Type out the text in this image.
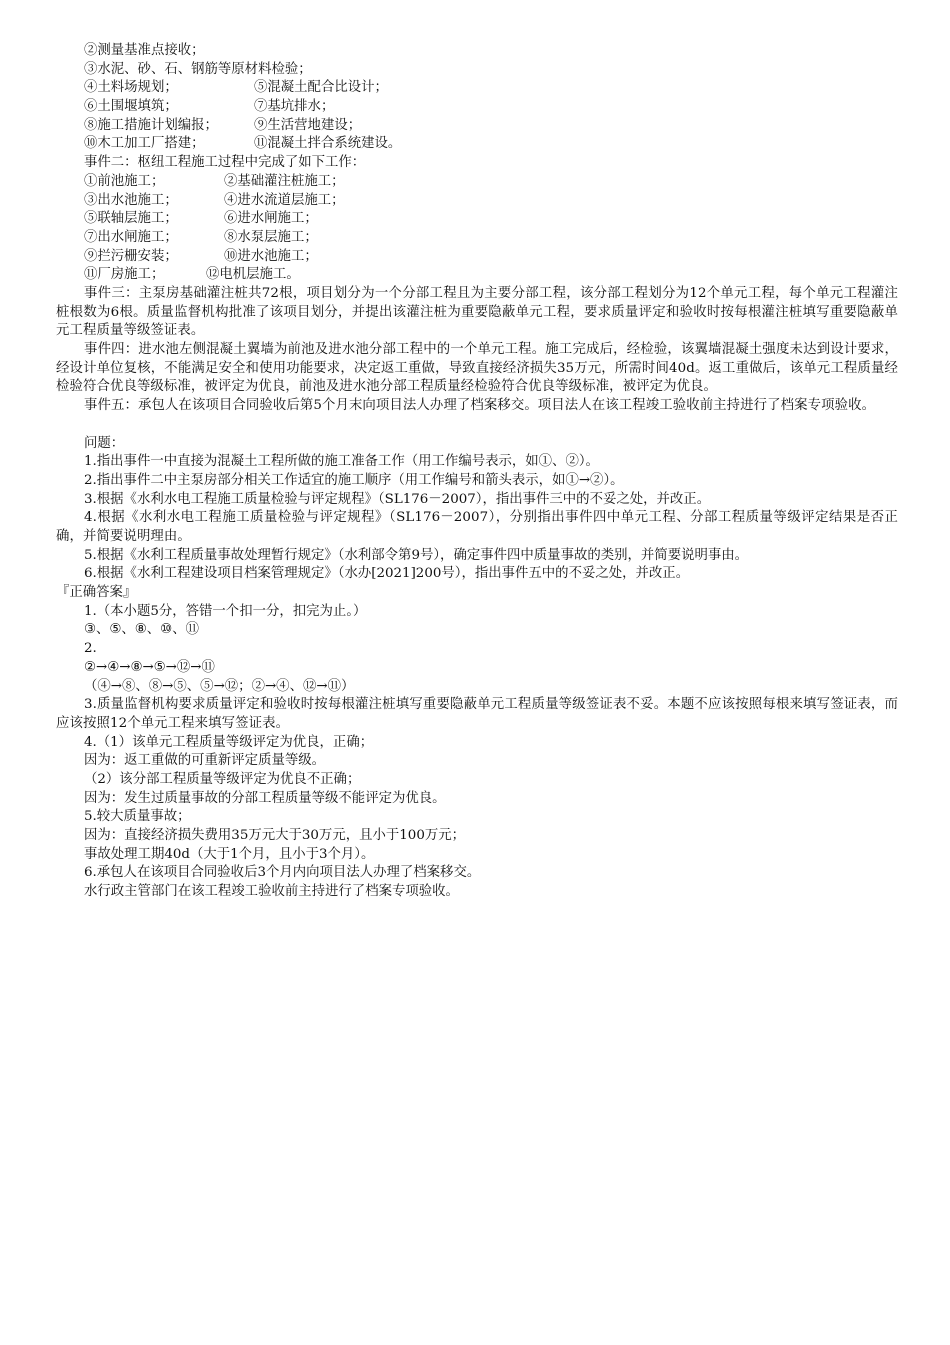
②测量基准点接收；
③水泥、砂、石、钢筋等原材料检验；
④土料场规划；	⑤混凝土配合比设计；
⑥土围堰填筑；	⑦基坑排水；
⑧施工措施计划编报；	⑨生活营地建设；
⑩木工加工厂搭建；	⑪混凝土拌合系统建设。
事件二：枢纽工程施工过程中完成了如下工作：
①前池施工；	②基础灌注桩施工；
③出水池施工；	④进水流道层施工；
⑤联轴层施工；	⑥进水闸施工；
⑦出水闸施工；	⑧水泵层施工；
⑨拦污栅安装；	⑩进水池施工；
⑪厂房施工；	⑫电机层施工。
事件三：主泵房基础灌注桩共72根，项目划分为一个分部工程且为主要分部工程，该分部工程划分为12个单元工程，每个单元工程灌注桩根数为6根。质量监督机构批准了该项目划分，并提出该灌注桩为重要隐蔽单元工程，要求质量评定和验收时按每根灌注桩填写重要隐蔽单元工程质量等级签证表。
事件四：进水池左侧混凝土翼墙为前池及进水池分部工程中的一个单元工程。施工完成后，经检验，该翼墙混凝土强度未达到设计要求，经设计单位复核，不能满足安全和使用功能要求，决定返工重做，导致直接经济损失35万元，所需时间40d。返工重做后，该单元工程质量经检验符合优良等级标准，被评定为优良，前池及进水池分部工程质量经检验符合优良等级标准，被评定为优良。
事件五：承包人在该项目合同验收后第5个月末向项目法人办理了档案移交。项目法人在该工程竣工验收前主持进行了档案专项验收。
问题：
1.指出事件一中直接为混凝土工程所做的施工准备工作（用工作编号表示，如①、②）。
2.指出事件二中主泵房部分相关工作适宜的施工顺序（用工作编号和箭头表示，如①→②）。
3.根据《水利水电工程施工质量检验与评定规程》（SL176－2007），指出事件三中的不妥之处，并改正。
4.根据《水利水电工程施工质量检验与评定规程》（SL176－2007），分别指出事件四中单元工程、分部工程质量等级评定结果是否正确，并简要说明理由。
5.根据《水利工程质量事故处理暂行规定》（水利部令第9号），确定事件四中质量事故的类别，并简要说明事由。
6.根据《水利工程建设项目档案管理规定》（水办[2021]200号），指出事件五中的不妥之处，并改正。
『正确答案』
1.（本小题5分，答错一个扣一分，扣完为止。）
③、⑤、⑧、⑩、⑪
2.
②→④→⑧→⑤→⑫→⑪
（④→⑧、⑧→⑤、⑤→⑫；②→④、⑫→⑪）
3.质量监督机构要求质量评定和验收时按每根灌注桩填写重要隐蔽单元工程质量等级签证表不妥。本题不应该按照每根来填写签证表，而应该按照12个单元工程来填写签证表。
4.（1）该单元工程质量等级评定为优良，正确；
因为：返工重做的可重新评定质量等级。
（2）该分部工程质量等级评定为优良不正确；
因为：发生过质量事故的分部工程质量等级不能评定为优良。
5.较大质量事故；
因为：直接经济损失费用35万元大于30万元，且小于100万元；
事故处理工期40d（大于1个月，且小于3个月）。
6.承包人在该项目合同验收后3个月内向项目法人办理了档案移交。
水行政主管部门在该工程竣工验收前主持进行了档案专项验收。
